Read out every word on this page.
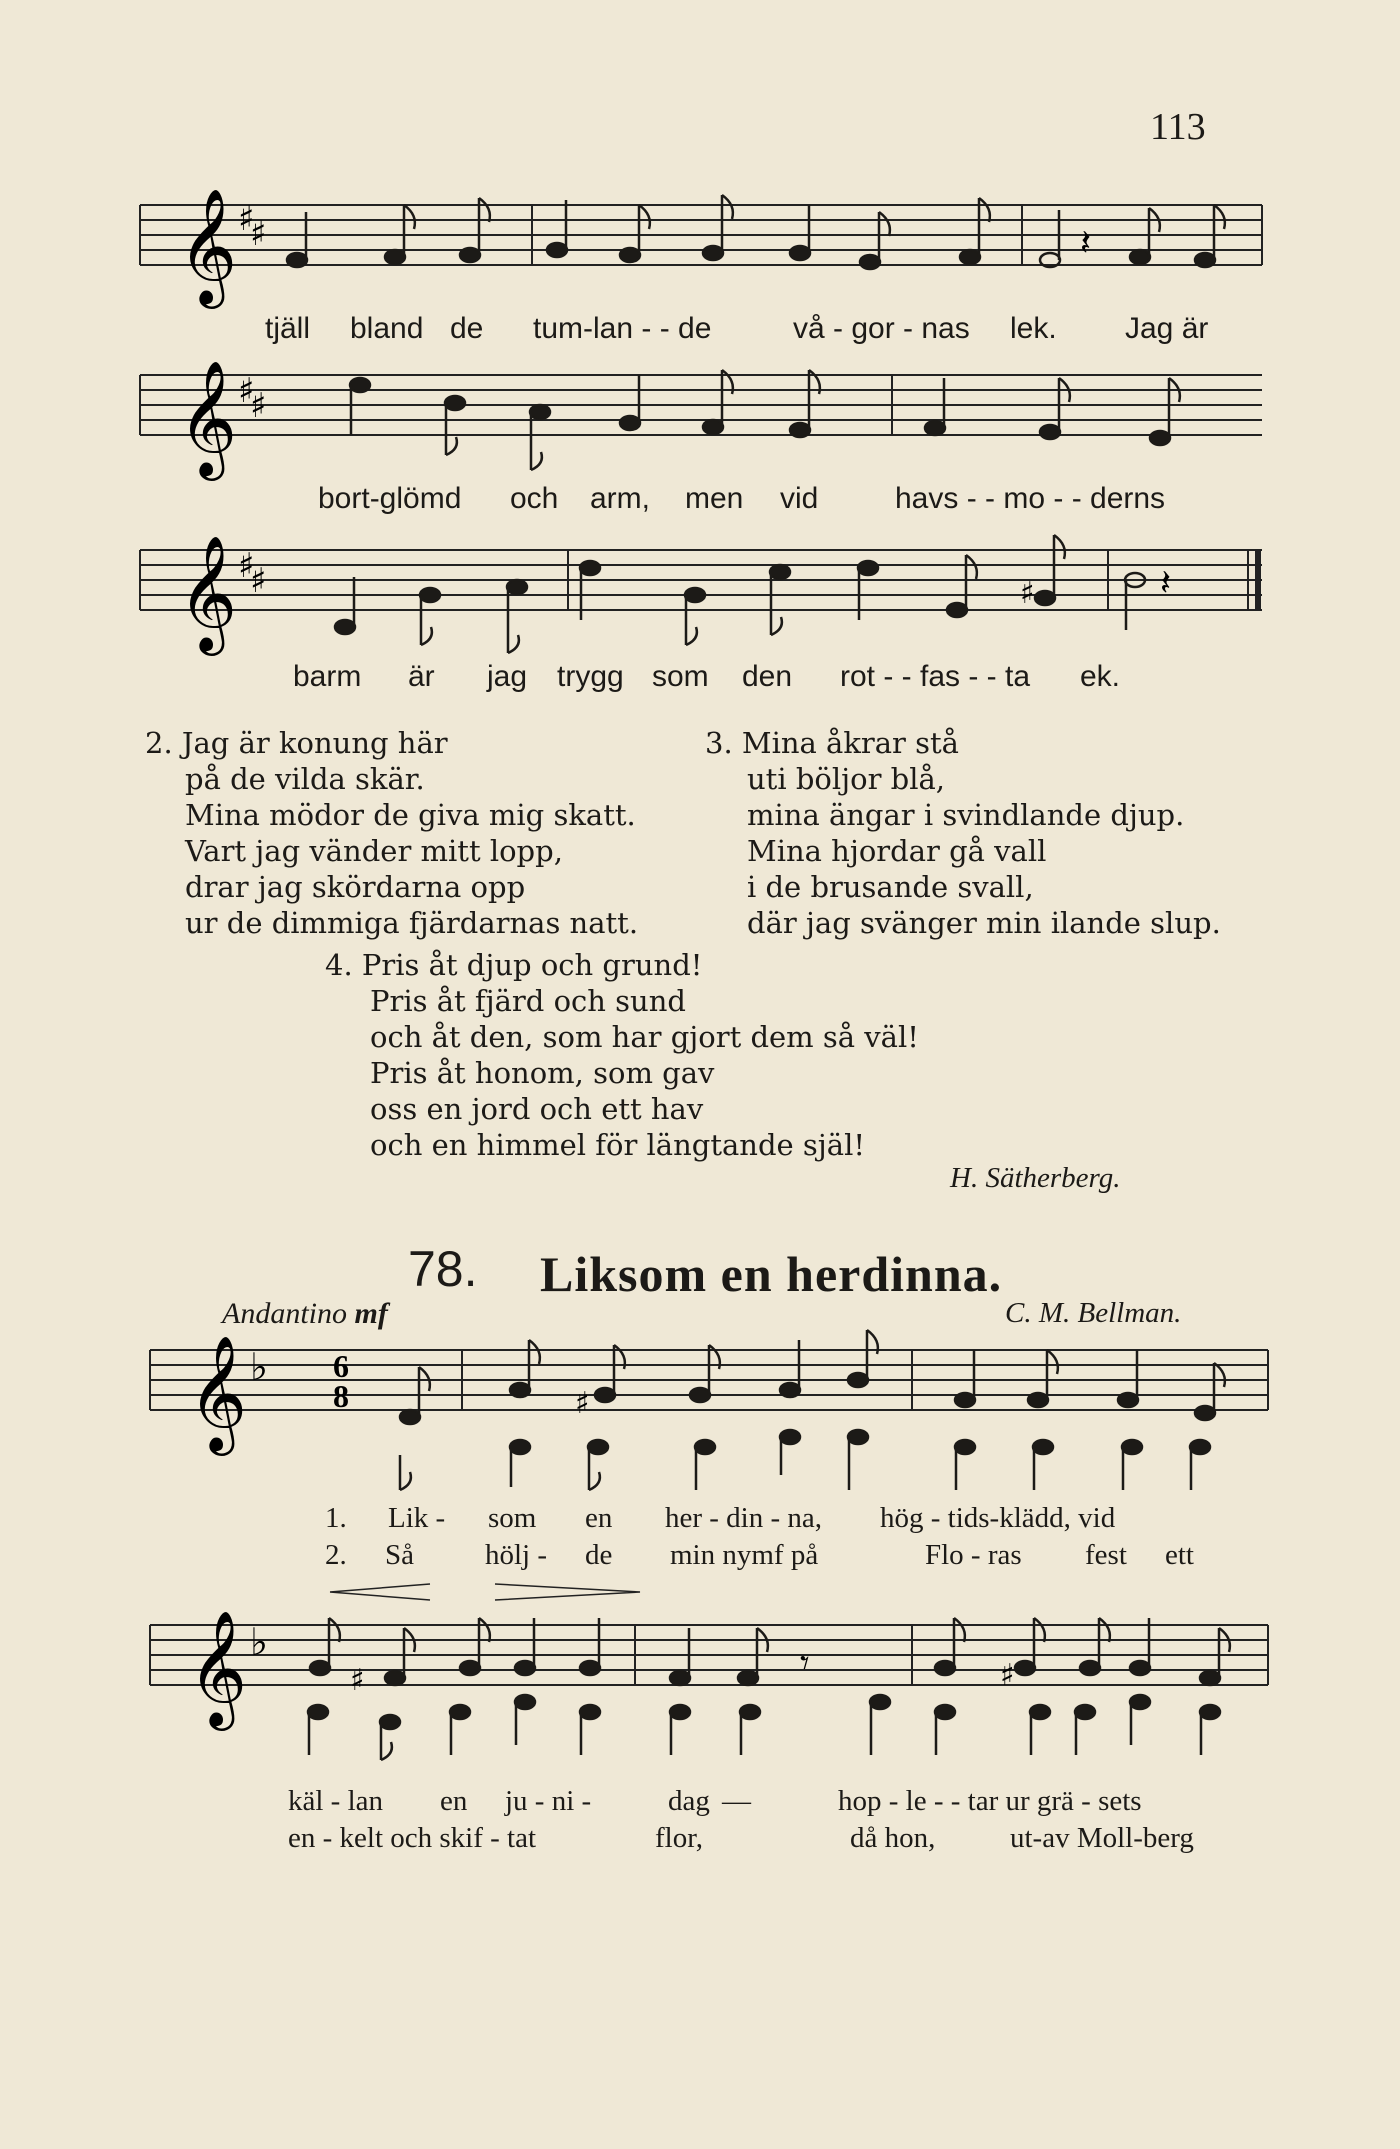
113
𝄞 ♯
♯	𝄽
tjäll bland de tum-lan - - de	vå - gor - nas lek. Jag är
𝄞 ♯
♯
bort-glömd och arm, men vid	havs - - mo - - derns
𝄞 ♯
♯	♯	𝄽
barm är jag trygg som den rot - - fas - - ta ek.
2. Jag är konung här
på de vilda skär.
Mina mödor de giva mig skatt.
Vart jag vänder mitt lopp,
drar jag skördarna opp
ur de dimmiga fjärdarnas natt.
3. Mina åkrar stå
uti böljor blå,
mina ängar i svindlande djup.
Mina hjordar gå vall
i de brusande svall,
där jag svänger min ilande slup.
4. Pris åt djup och grund!
Pris åt fjärd och sund
och åt den, som har gjort dem så väl!
Pris åt honom, som gav
oss en jord och ett hav
och en himmel för längtande själ!
H. Sätherberg.
78. Liksom en herdinna.
Andantino mf	C. M. Bellman.
𝄞 ♭ 6
8	♯
1. Lik - som en her - din - na, hög - tids-klädd, vid
2. Så hölj - de min nymf på	Flo - ras fest ett
𝄞 ♭
♯	𝄾	♯
käl - lan en ju - ni -	dag —	hop - le - - tar ur grä - sets
en - kelt och skif - tat	flor,	då hon,	ut-av Moll-berg
